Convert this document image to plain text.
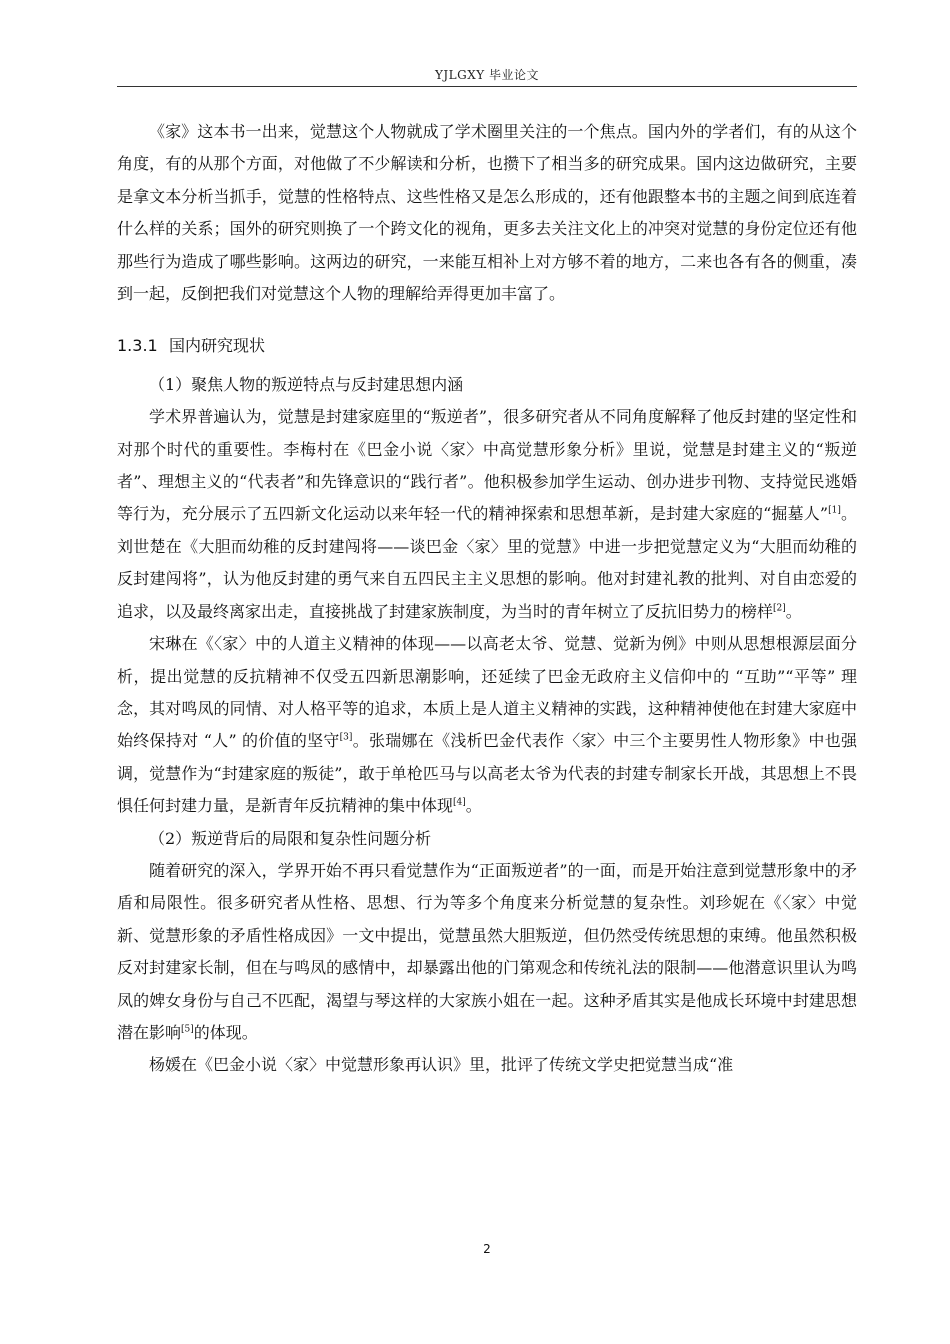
YJLGXY 毕业论文

《家》这本书一出来，觉慧这个人物就成了学术圈里关注的一个焦点。国内外的学者们，有的从这个角度，有的从那个方面，对他做了不少解读和分析，也攒下了相当多的研究成果。国内这边做研究，主要是拿文本分析当抓手，觉慧的性格特点、这些性格又是怎么形成的，还有他跟整本书的主题之间到底连着什么样的关系；国外的研究则换了一个跨文化的视角，更多去关注文化上的冲突对觉慧的身份定位还有他那些行为造成了哪些影响。这两边的研究，一来能互相补上对方够不着的地方，二来也各有各的侧重，凑到一起，反倒把我们对觉慧这个人物的理解给弄得更加丰富了。

1.3.1 国内研究现状

（1）聚焦人物的叛逆特点与反封建思想内涵

学术界普遍认为，觉慧是封建家庭里的“叛逆者”，很多研究者从不同角度解释了他反封建的坚定性和对那个时代的重要性。李梅村在《巴金小说〈家〉中高觉慧形象分析》里说，觉慧是封建主义的“叛逆者”、理想主义的“代表者”和先锋意识的“践行者”。他积极参加学生运动、创办进步刊物、支持觉民逃婚等行为，充分展示了五四新文化运动以来年轻一代的精神探索和思想革新，是封建大家庭的“掘墓人”[1]。刘世楚在《大胆而幼稚的反封建闯将——谈巴金〈家〉里的觉慧》中进一步把觉慧定义为“大胆而幼稚的反封建闯将”，认为他反封建的勇气来自五四民主主义思想的影响。他对封建礼教的批判、对自由恋爱的追求，以及最终离家出走，直接挑战了封建家族制度，为当时的青年树立了反抗旧势力的榜样[2]。

宋琳在《〈家〉中的人道主义精神的体现——以高老太爷、觉慧、觉新为例》中则从思想根源层面分析，提出觉慧的反抗精神不仅受五四新思潮影响，还延续了巴金无政府主义信仰中的 “互助”“平等” 理念，其对鸣凤的同情、对人格平等的追求，本质上是人道主义精神的实践，这种精神使他在封建大家庭中始终保持对 “人” 的价值的坚守[3]。张瑞娜在《浅析巴金代表作〈家〉中三个主要男性人物形象》中也强调，觉慧作为“封建家庭的叛徒”，敢于单枪匹马与以高老太爷为代表的封建专制家长开战，其思想上不畏惧任何封建力量，是新青年反抗精神的集中体现[4]。

（2）叛逆背后的局限和复杂性问题分析

随着研究的深入，学界开始不再只看觉慧作为“正面叛逆者”的一面，而是开始注意到觉慧形象中的矛盾和局限性。很多研究者从性格、思想、行为等多个角度来分析觉慧的复杂性。刘珍妮在《〈家〉中觉新、觉慧形象的矛盾性格成因》一文中提出，觉慧虽然大胆叛逆，但仍然受传统思想的束缚。他虽然积极反对封建家长制，但在与鸣凤的感情中，却暴露出他的门第观念和传统礼法的限制——他潜意识里认为鸣凤的婢女身份与自己不匹配，渴望与琴这样的大家族小姐在一起。这种矛盾其实是他成长环境中封建思想潜在影响[5]的体现。

杨媛在《巴金小说〈家〉中觉慧形象再认识》里，批评了传统文学史把觉慧当成“准

2
